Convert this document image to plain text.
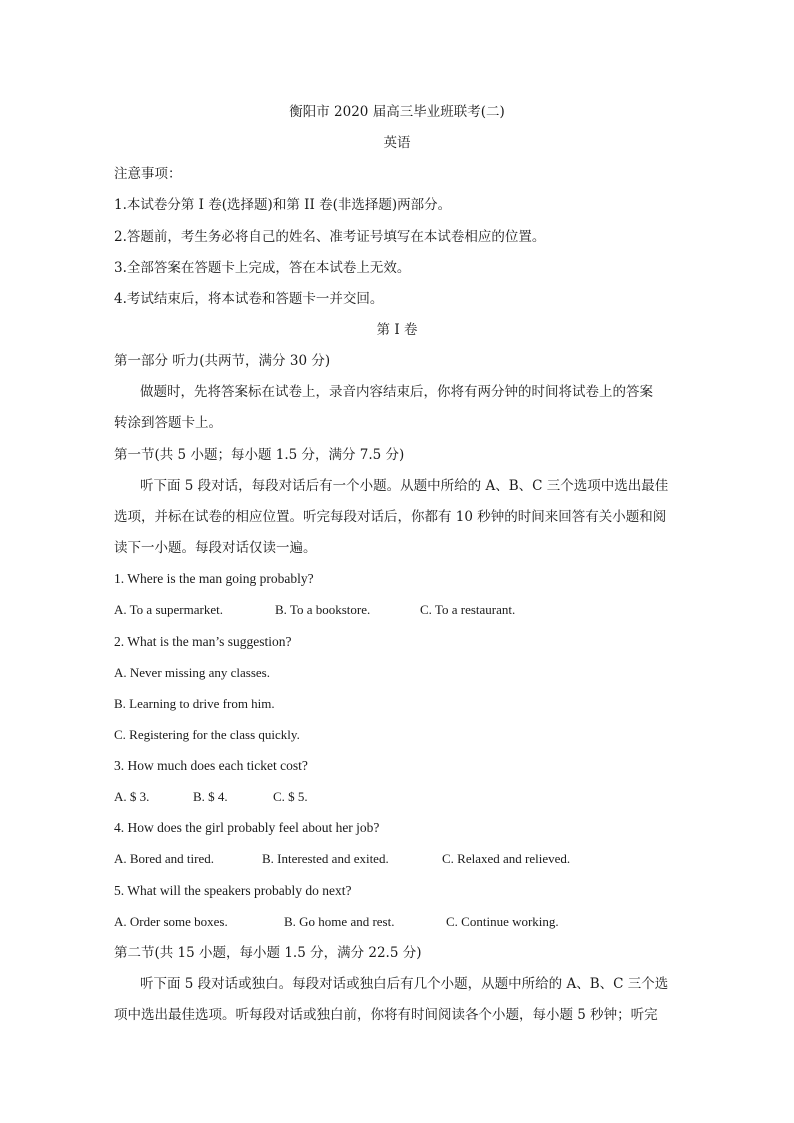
衡阳市 2020 届高三毕业班联考(二)
英语
注意事项：
1.本试卷分第 I 卷(选择题)和第 II 卷(非选择题)两部分。
2.答题前，考生务必将自己的姓名、准考证号填写在本试卷相应的位置。
3.全部答案在答题卡上完成，答在本试卷上无效。
4.考试结束后，将本试卷和答题卡一并交回。
第 I 卷
第一部分 听力(共两节，满分 30 分)
做题时，先将答案标在试卷上，录音内容结束后，你将有两分钟的时间将试卷上的答案
转涂到答题卡上。
第一节(共 5 小题；每小题 1.5 分，满分 7.5 分)
听下面 5 段对话，每段对话后有一个小题。从题中所给的 A、B、C 三个选项中选出最佳
选项，并标在试卷的相应位置。听完每段对话后，你都有 10 秒钟的时间来回答有关小题和阅
读下一小题。每段对话仅读一遍。
1. Where is the man going probably?
A. To a supermarket.	B. To a bookstore.	C. To a restaurant.
2. What is the man’s suggestion?
A. Never missing any classes.
B. Learning to drive from him.
C. Registering for the class quickly.
3. How much does each ticket cost?
A. $ 3.	B. $ 4.	C. $ 5.
4. How does the girl probably feel about her job?
A. Bored and tired.	B. Interested and exited.	C. Relaxed and relieved.
5. What will the speakers probably do next?
A. Order some boxes.	B. Go home and rest.	C. Continue working.
第二节(共 15 小题，每小题 1.5 分，满分 22.5 分)
听下面 5 段对话或独白。每段对话或独白后有几个小题，从题中所给的 A、B、C 三个选
项中选出最佳选项。听每段对话或独白前，你将有时间阅读各个小题，每小题 5 秒钟；听完
